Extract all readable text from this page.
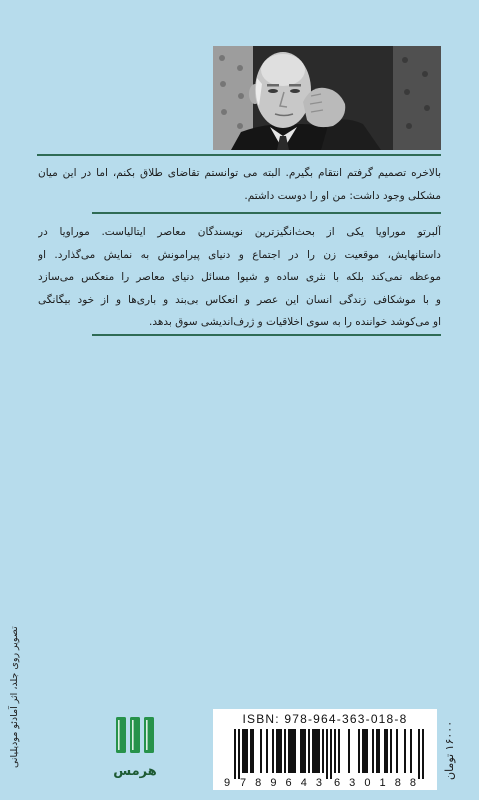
بالاخره تصمیم گرفتم انتقام بگیرم. البته می توانستم تقاضای طلاق بکنم، اما در این میان
مشکلی وجود داشت: من او را دوست داشتم.
آلبرتو موراویا یکی از بحث‌انگیزترین نویسندگان معاصر ایتالیاست. موراویا در
داستانهایش، موقعیت زن را در اجتماع و دنیای پیرامونش به نمایش می‌گذارد. او
موعظه نمی‌کند بلکه با نثری ساده و شیوا مسائل دنیای معاصر را منعکس می‌سازد
و با موشکافی زندگی انسان این عصر و انعکاس بی‌بند و باری‌ها و از خود بیگانگی
او می‌کوشد خواننده را به سوی اخلاقیات و ژرف‌اندیشی سوق بدهد.
تصویر روی جلد، اثر آمادئو مودیلیانی
هرمس
ISBN: 978-964-363-018-8
9 789643 630188
۱۶۰۰۰ تومان
